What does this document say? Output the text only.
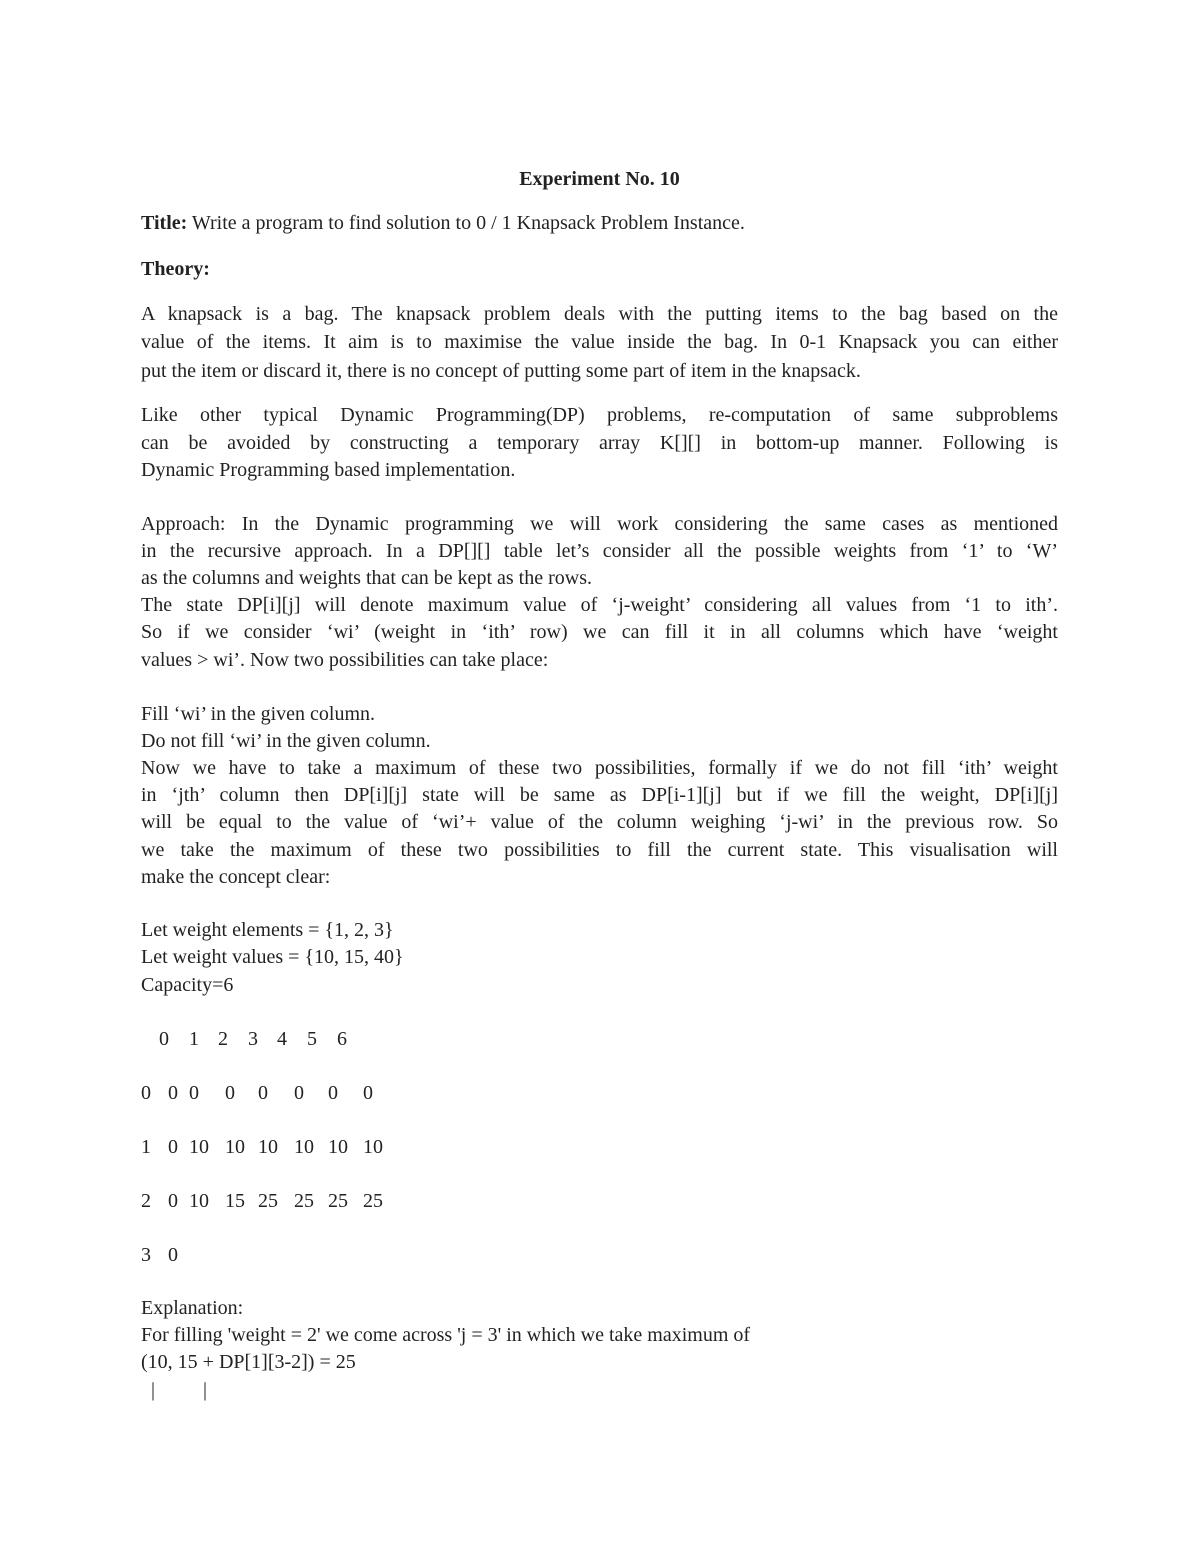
Experiment No. 10
Title: Write a program to find solution to 0 / 1 Knapsack Problem Instance.
Theory:
A knapsack is a bag. The knapsack problem deals with the putting items to the bag based on the
value of the items. It aim is to maximise the value inside the bag. In 0-1 Knapsack you can either
put the item or discard it, there is no concept of putting some part of item in the knapsack.
Like other typical Dynamic Programming(DP) problems, re-computation of same subproblems
can be avoided by constructing a temporary array K[][] in bottom-up manner. Following is
Dynamic Programming based implementation.
Approach: In the Dynamic programming we will work considering the same cases as mentioned
in the recursive approach. In a DP[][] table let’s consider all the possible weights from ‘1’ to ‘W’
as the columns and weights that can be kept as the rows.
The state DP[i][j] will denote maximum value of ‘j-weight’ considering all values from ‘1 to ith’.
So if we consider ‘wi’ (weight in ‘ith’ row) we can fill it in all columns which have ‘weight
values > wi’. Now two possibilities can take place:
Fill ‘wi’ in the given column.
Do not fill ‘wi’ in the given column.
Now we have to take a maximum of these two possibilities, formally if we do not fill ‘ith’ weight
in ‘jth’ column then DP[i][j] state will be same as DP[i-1][j] but if we fill the weight, DP[i][j]
will be equal to the value of ‘wi’+ value of the column weighing ‘j-wi’ in the previous row. So
we take the maximum of these two possibilities to fill the current state. This visualisation will
make the concept clear:
Let weight elements = {1, 2, 3}
Let weight values = {10, 15, 40}
Capacity=6
0 1 2 3 4 5 6
0 0 0 0 0 0 0 0
1 0 10 10 10 10 10 10
2 0 10 15 25 25 25 25
3 0
Explanation:
For filling 'weight = 2' we come across 'j = 3' in which we take maximum of
(10, 15 + DP[1][3-2]) = 25
| |
